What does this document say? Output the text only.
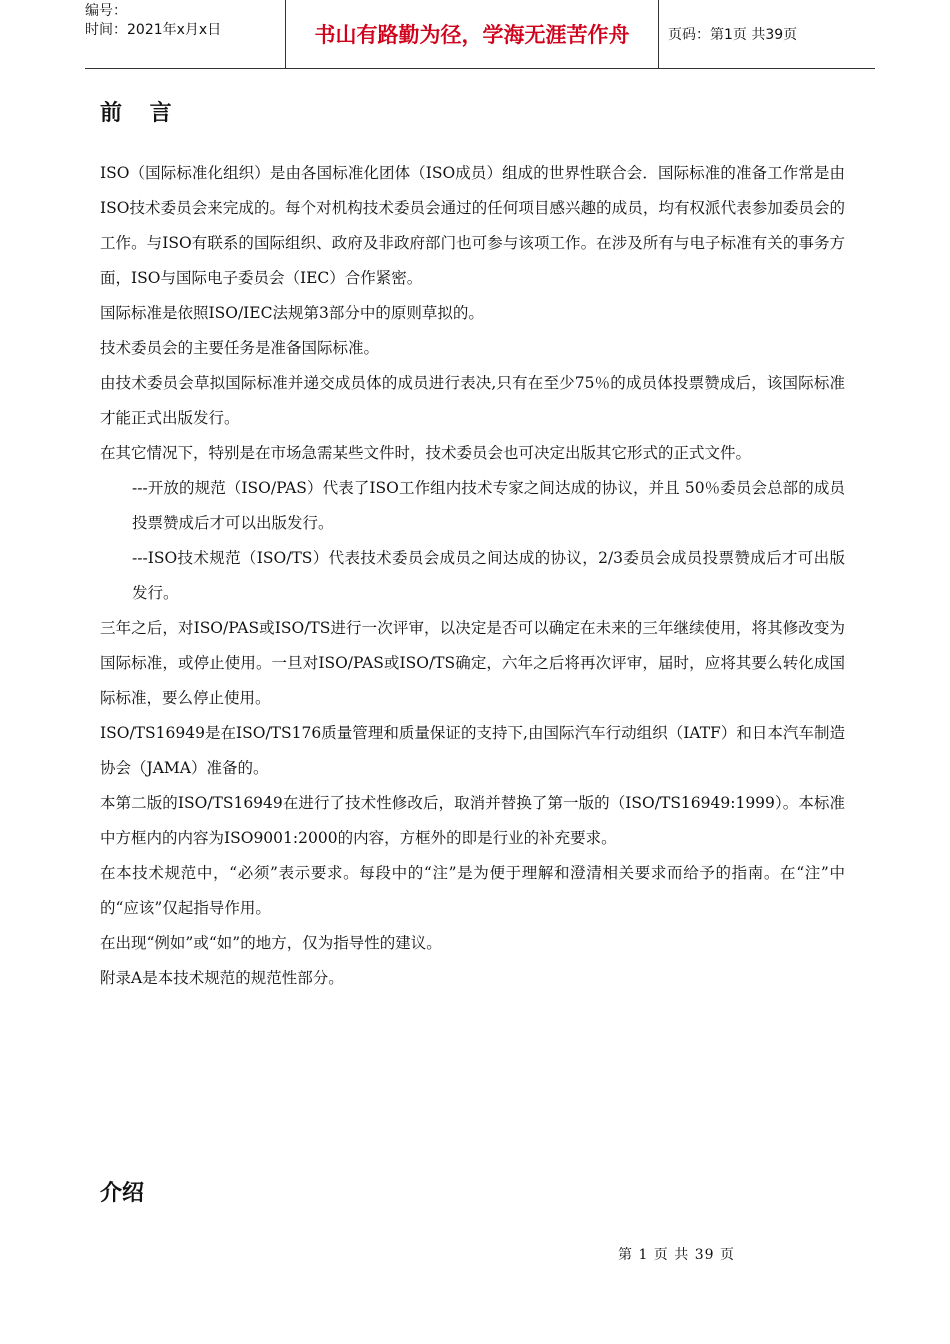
编号：
时间：2021年x月x日	书山有路勤为径，学海无涯苦作舟	页码：第1页 共39页
前 言

ISO（国际标准化组织）是由各国标准化团体（ISO成员）组成的世界性联合会．国际标准的准备工作常是由ISO技术委员会来完成的。每个对机构技术委员会通过的任何项目感兴趣的成员，均有权派代表参加委员会的工作。与ISO有联系的国际组织、政府及非政府部门也可参与该项工作。在涉及所有与电子标准有关的事务方面，ISO与国际电子委员会（IEC）合作紧密。

国际标准是依照ISO/IEC法规第3部分中的原则草拟的。

技术委员会的主要任务是准备国际标准。

由技术委员会草拟国际标准并递交成员体的成员进行表决,只有在至少75％的成员体投票赞成后，该国际标准才能正式出版发行。

在其它情况下，特别是在市场急需某些文件时，技术委员会也可决定出版其它形式的正式文件。

---开放的规范（ISO/PAS）代表了ISO工作组内技术专家之间达成的协议，并且 50％委员会总部的成员投票赞成后才可以出版发行。

---ISO技术规范（ISO/TS）代表技术委员会成员之间达成的协议，2/3委员会成员投票赞成后才可出版发行。

三年之后，对ISO/PAS或ISO/TS进行一次评审，以决定是否可以确定在未来的三年继续使用，将其修改变为国际标准，或停止使用。一旦对ISO/PAS或ISO/TS确定，六年之后将再次评审，届时，应将其要么转化成国际标准，要么停止使用。

ISO/TS16949是在ISO/TS176质量管理和质量保证的支持下,由国际汽车行动组织（IATF）和日本汽车制造协会（JAMA）准备的。

本第二版的ISO/TS16949在进行了技术性修改后，取消并替换了第一版的（ISO/TS16949:1999）。本标准中方框内的内容为ISO9001:2000的内容，方框外的即是行业的补充要求。

在本技术规范中，“必须”表示要求。每段中的“注”是为便于理解和澄清相关要求而给予的指南。在“注”中的“应该”仅起指导作用。

在出现“例如”或“如”的地方，仅为指导性的建议。

附录A是本技术规范的规范性部分。

介绍
第 1 页 共 39 页
